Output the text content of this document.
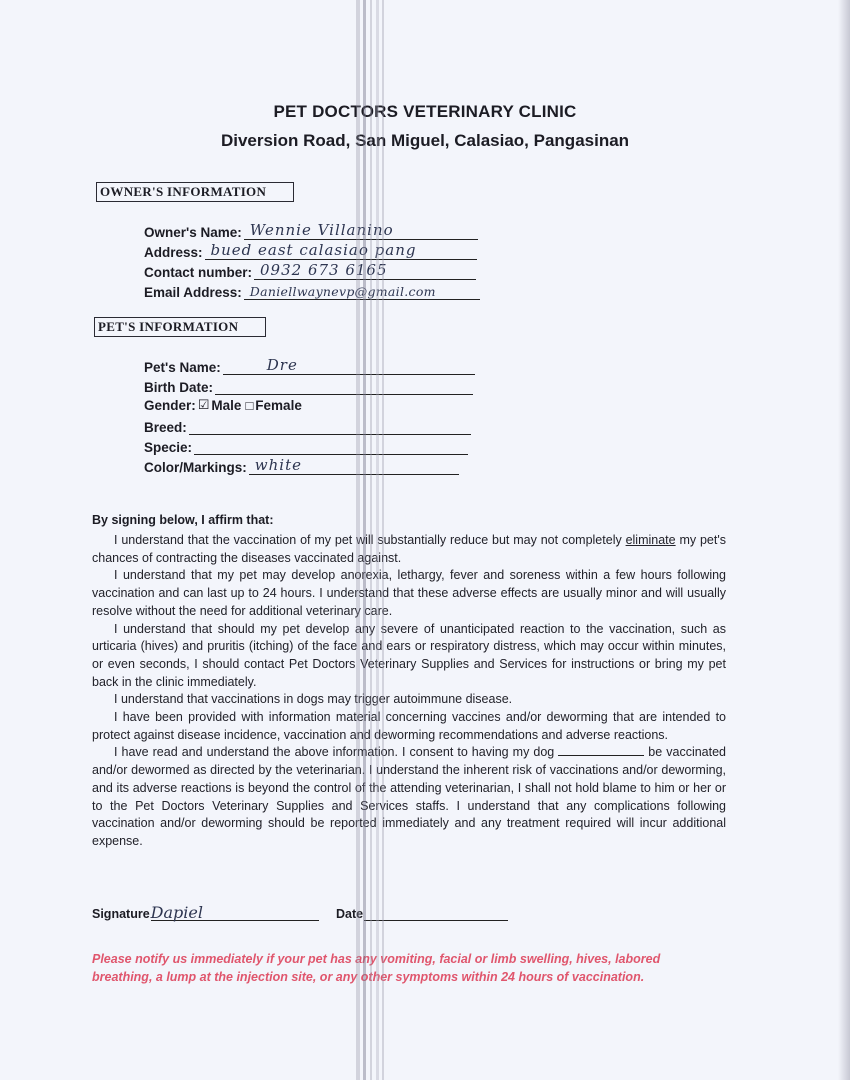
PET DOCTORS VETERINARY CLINIC
Diversion Road, San Miguel, Calasiao, Pangasinan
OWNER'S INFORMATION
Owner's Name: Wennie Villanino
Address: bued east calasiao pang
Contact number: 0932 673 6165
Email Address: Daniellwaynevp@gmail.com
PET'S INFORMATION
Pet's Name:	Dre
Birth Date:
Gender: ☑ Male □ Female
Breed:
Specie:
Color/Markings: white
By signing below, I affirm that:

I understand that the vaccination of my pet will substantially reduce but may not completely eliminate my pet's chances of contracting the diseases vaccinated against.

I understand that my pet may develop anorexia, lethargy, fever and soreness within a few hours following vaccination and can last up to 24 hours. I understand that these adverse effects are usually minor and will usually resolve without the need for additional veterinary care.

I understand that should my pet develop any severe of unanticipated reaction to the vaccination, such as urticaria (hives) and pruritis (itching) of the face and ears or respiratory distress, which may occur within minutes, or even seconds, I should contact Pet Doctors Veterinary Supplies and Services for instructions or bring my pet back in the clinic immediately.

I understand that vaccinations in dogs may trigger autoimmune disease.

I have been provided with information material concerning vaccines and/or deworming that are intended to protect against disease incidence, vaccination and deworming recommendations and adverse reactions.

I have read and understand the above information. I consent to having my dog	be vaccinated and/or dewormed as directed by the veterinarian. I understand the inherent risk of vaccinations and/or deworming, and its adverse reactions is beyond the control of the attending veterinarian, I shall not hold blame to him or her or to the Pet Doctors Veterinary Supplies and Services staffs. I understand that any complications following vaccination and/or deworming should be reported immediately and any treatment required will incur additional expense.

Signature Dapiel	Date
Please notify us immediately if your pet has any vomiting, facial or limb swelling, hives, labored breathing, a lump at the injection site, or any other symptoms within 24 hours of vaccination.
